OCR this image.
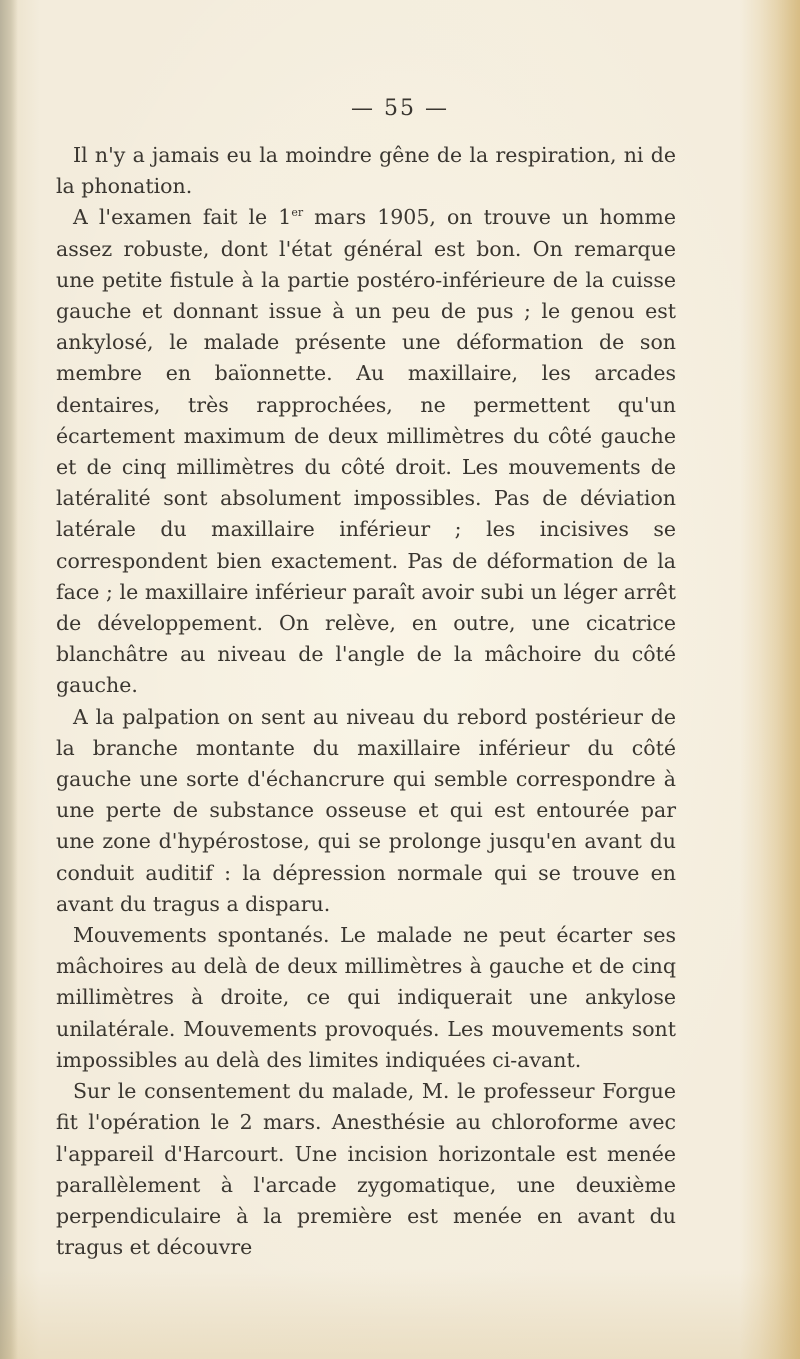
— 55 —

Il n'y a jamais eu la moindre gêne de la respiration, ni de la phonation.

A l'examen fait le 1er mars 1905, on trouve un homme assez robuste, dont l'état général est bon. On remarque une petite fistule à la partie postéro-inférieure de la cuisse gauche et donnant issue à un peu de pus ; le genou est ankylosé, le malade présente une déformation de son membre en baïonnette. Au maxillaire, les arcades dentaires, très rapprochées, ne permettent qu'un écartement maximum de deux millimètres du côté gauche et de cinq millimètres du côté droit. Les mouvements de latéralité sont absolument impossibles. Pas de déviation latérale du maxillaire inférieur ; les incisives se correspondent bien exactement. Pas de déformation de la face ; le maxillaire inférieur paraît avoir subi un léger arrêt de développement. On relève, en outre, une cicatrice blanchâtre au niveau de l'angle de la mâchoire du côté gauche.

A la palpation on sent au niveau du rebord postérieur de la branche montante du maxillaire inférieur du côté gauche une sorte d'échancrure qui semble correspondre à une perte de substance osseuse et qui est entourée par une zone d'hypérostose, qui se prolonge jusqu'en avant du conduit auditif : la dépression normale qui se trouve en avant du tragus a disparu.

Mouvements spontanés. Le malade ne peut écarter ses mâchoires au delà de deux millimètres à gauche et de cinq millimètres à droite, ce qui indiquerait une ankylose unilatérale. Mouvements provoqués. Les mouvements sont impossibles au delà des limites indiquées ci-avant.

Sur le consentement du malade, M. le professeur Forgue fit l'opération le 2 mars. Anesthésie au chloroforme avec l'appareil d'Harcourt. Une incision horizontale est menée parallèlement à l'arcade zygomatique, une deuxième perpendiculaire à la première est menée en avant du tragus et découvre
